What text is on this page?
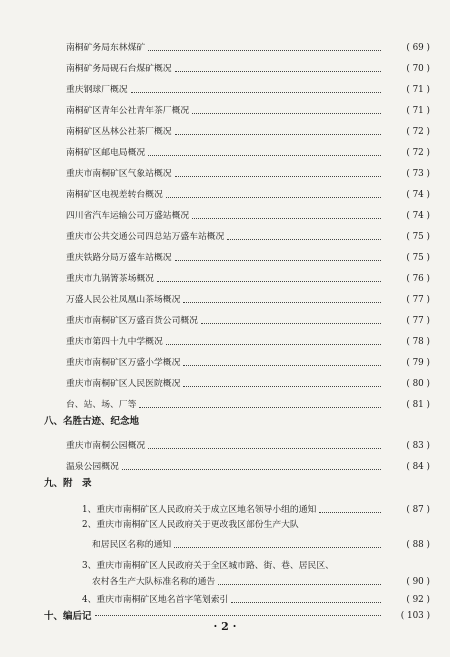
南桐矿务局东林煤矿	( 69 )
南桐矿务局砚石台煤矿概况	( 70 )
重庆钢球厂概况	( 71 )
南桐矿区青年公社青年茶厂概况	( 71 )
南桐矿区丛林公社茶厂概况	( 72 )
南桐矿区邮电局概况	( 72 )
重庆市南桐矿区气象站概况	( 73 )
南桐矿区电视差转台概况	( 74 )
四川省汽车运输公司万盛站概况	( 74 )
重庆市公共交通公司四总站万盛车站概况	( 75 )
重庆铁路分局万盛车站概况	( 75 )
重庆市九锅箐茶场概况	( 76 )
万盛人民公社凤凰山茶场概况	( 77 )
重庆市南桐矿区万盛百货公司概况	( 77 )
重庆市第四十九中学概况	( 78 )
重庆市南桐矿区万盛小学概况	( 79 )
重庆市南桐矿区人民医院概况	( 80 )
台、站、场、厂等	( 81 )
八、名胜古迹、纪念地
重庆市南桐公园概况	( 83 )
温泉公园概况	( 84 )
九、附　录
1、重庆市南桐矿区人民政府关于成立区地名领导小组的通知	( 87 )
2、重庆市南桐矿区人民政府关于更改我区部份生产大队
和居民区名称的通知	( 88 )
3、重庆市南桐矿区人民政府关于全区城市路、街、巷、居民区、
农村各生产大队标准名称的通告	( 90 )
4、重庆市南桐矿区地名首字笔划索引	( 92 )
十、编后记	( 103 )
· 2 ·
